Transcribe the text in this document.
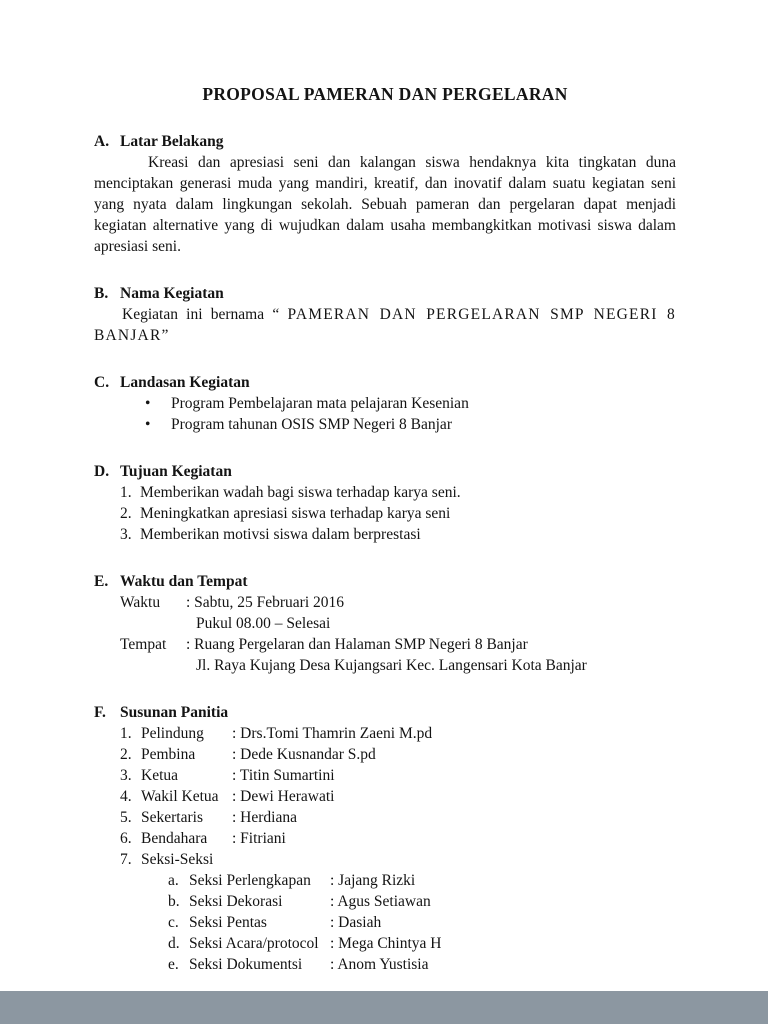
PROPOSAL PAMERAN DAN PERGELARAN
A. Latar Belakang

Kreasi dan apresiasi seni dan kalangan siswa hendaknya kita tingkatan duna menciptakan generasi muda yang mandiri, kreatif, dan inovatif dalam suatu kegiatan seni yang nyata dalam lingkungan sekolah. Sebuah pameran dan pergelaran dapat menjadi kegiatan alternative yang di wujudkan dalam usaha membangkitkan motivasi siswa dalam apresiasi seni.

B. Nama Kegiatan

Kegiatan ini bernama “ PAMERAN DAN PERGELARAN SMP NEGERI 8 BANJAR”

C. Landasan Kegiatan
•	Program Pembelajaran mata pelajaran Kesenian
•	Program tahunan OSIS SMP Negeri 8 Banjar
D. Tujuan Kegiatan
1. Memberikan wadah bagi siswa terhadap karya seni.
2. Meningkatkan apresiasi siswa terhadap karya seni
3. Memberikan motivsi siswa dalam berprestasi
E. Waktu dan Tempat
Waktu	: Sabtu, 25 Februari 2016
Pukul 08.00 – Selesai
Tempat	: Ruang Pergelaran dan Halaman SMP Negeri 8 Banjar
Jl. Raya Kujang Desa Kujangsari Kec. Langensari Kota Banjar
F. Susunan Panitia
1. Pelindung	: Drs.Tomi Thamrin Zaeni M.pd
2. Pembina	: Dede Kusnandar S.pd
3. Ketua	: Titin Sumartini
4. Wakil Ketua : Dewi Herawati
5. Sekertaris	: Herdiana
6. Bendahara	: Fitriani
7. Seksi-Seksi
a. Seksi Perlengkapan	: Jajang Rizki
b. Seksi Dekorasi	: Agus Setiawan
c. Seksi Pentas	: Dasiah
d. Seksi Acara/protocol : Mega Chintya H
e. Seksi Dokumentsi	: Anom Yustisia
